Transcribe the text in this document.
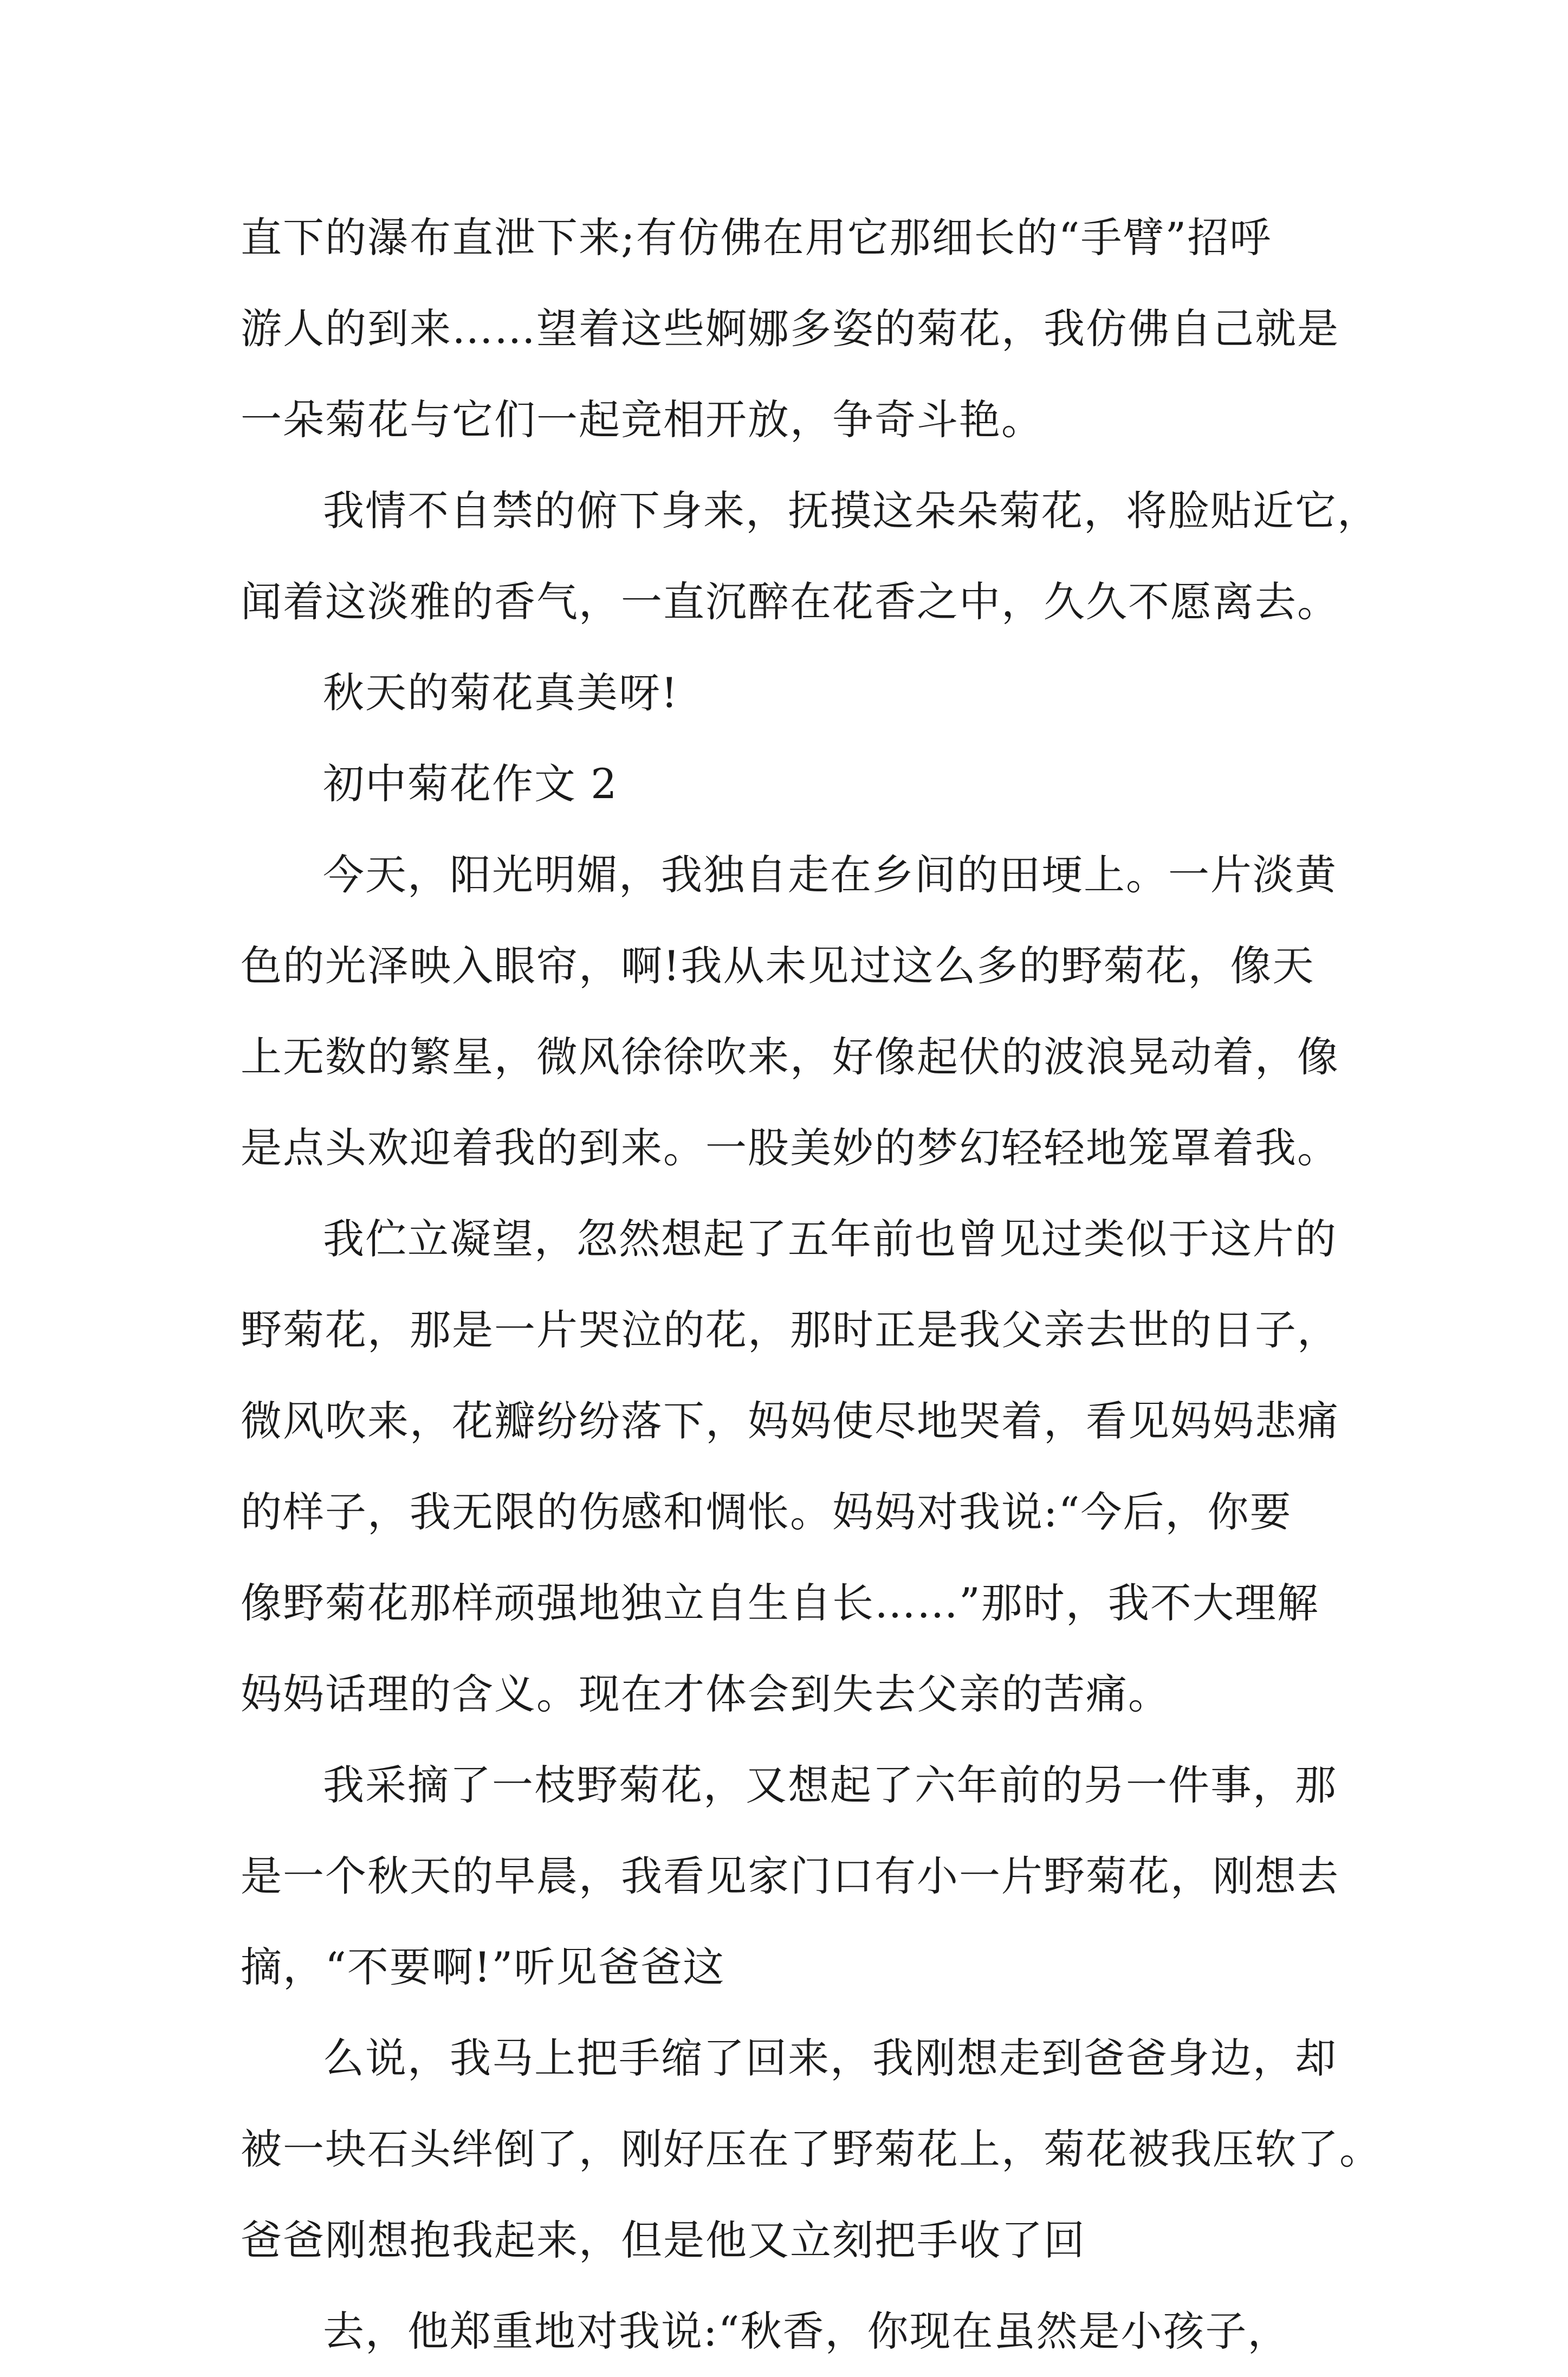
直下的瀑布直泄下来;有仿佛在用它那细长的“手臂”招呼
游人的到来……望着这些婀娜多姿的菊花，我仿佛自己就是
一朵菊花与它们一起竞相开放，争奇斗艳。
我情不自禁的俯下身来，抚摸这朵朵菊花，将脸贴近它，
闻着这淡雅的香气，一直沉醉在花香之中，久久不愿离去。
秋天的菊花真美呀!
初中菊花作文 2
今天，阳光明媚，我独自走在乡间的田埂上。一片淡黄
色的光泽映入眼帘，啊!我从未见过这么多的野菊花，像天
上无数的繁星，微风徐徐吹来，好像起伏的波浪晃动着，像
是点头欢迎着我的到来。一股美妙的梦幻轻轻地笼罩着我。
我伫立凝望，忽然想起了五年前也曾见过类似于这片的
野菊花，那是一片哭泣的花，那时正是我父亲去世的日子，
微风吹来，花瓣纷纷落下，妈妈使尽地哭着，看见妈妈悲痛
的样子，我无限的伤感和惆怅。妈妈对我说:“今后，你要
像野菊花那样顽强地独立自生自长……”那时，我不大理解
妈妈话理的含义。现在才体会到失去父亲的苦痛。
我采摘了一枝野菊花，又想起了六年前的另一件事，那
是一个秋天的早晨，我看见家门口有小一片野菊花，刚想去
摘，“不要啊!”听见爸爸这
么说，我马上把手缩了回来，我刚想走到爸爸身边，却
被一块石头绊倒了，刚好压在了野菊花上，菊花被我压软了。
爸爸刚想抱我起来，但是他又立刻把手收了回
去，他郑重地对我说:“秋香，你现在虽然是小孩子，
